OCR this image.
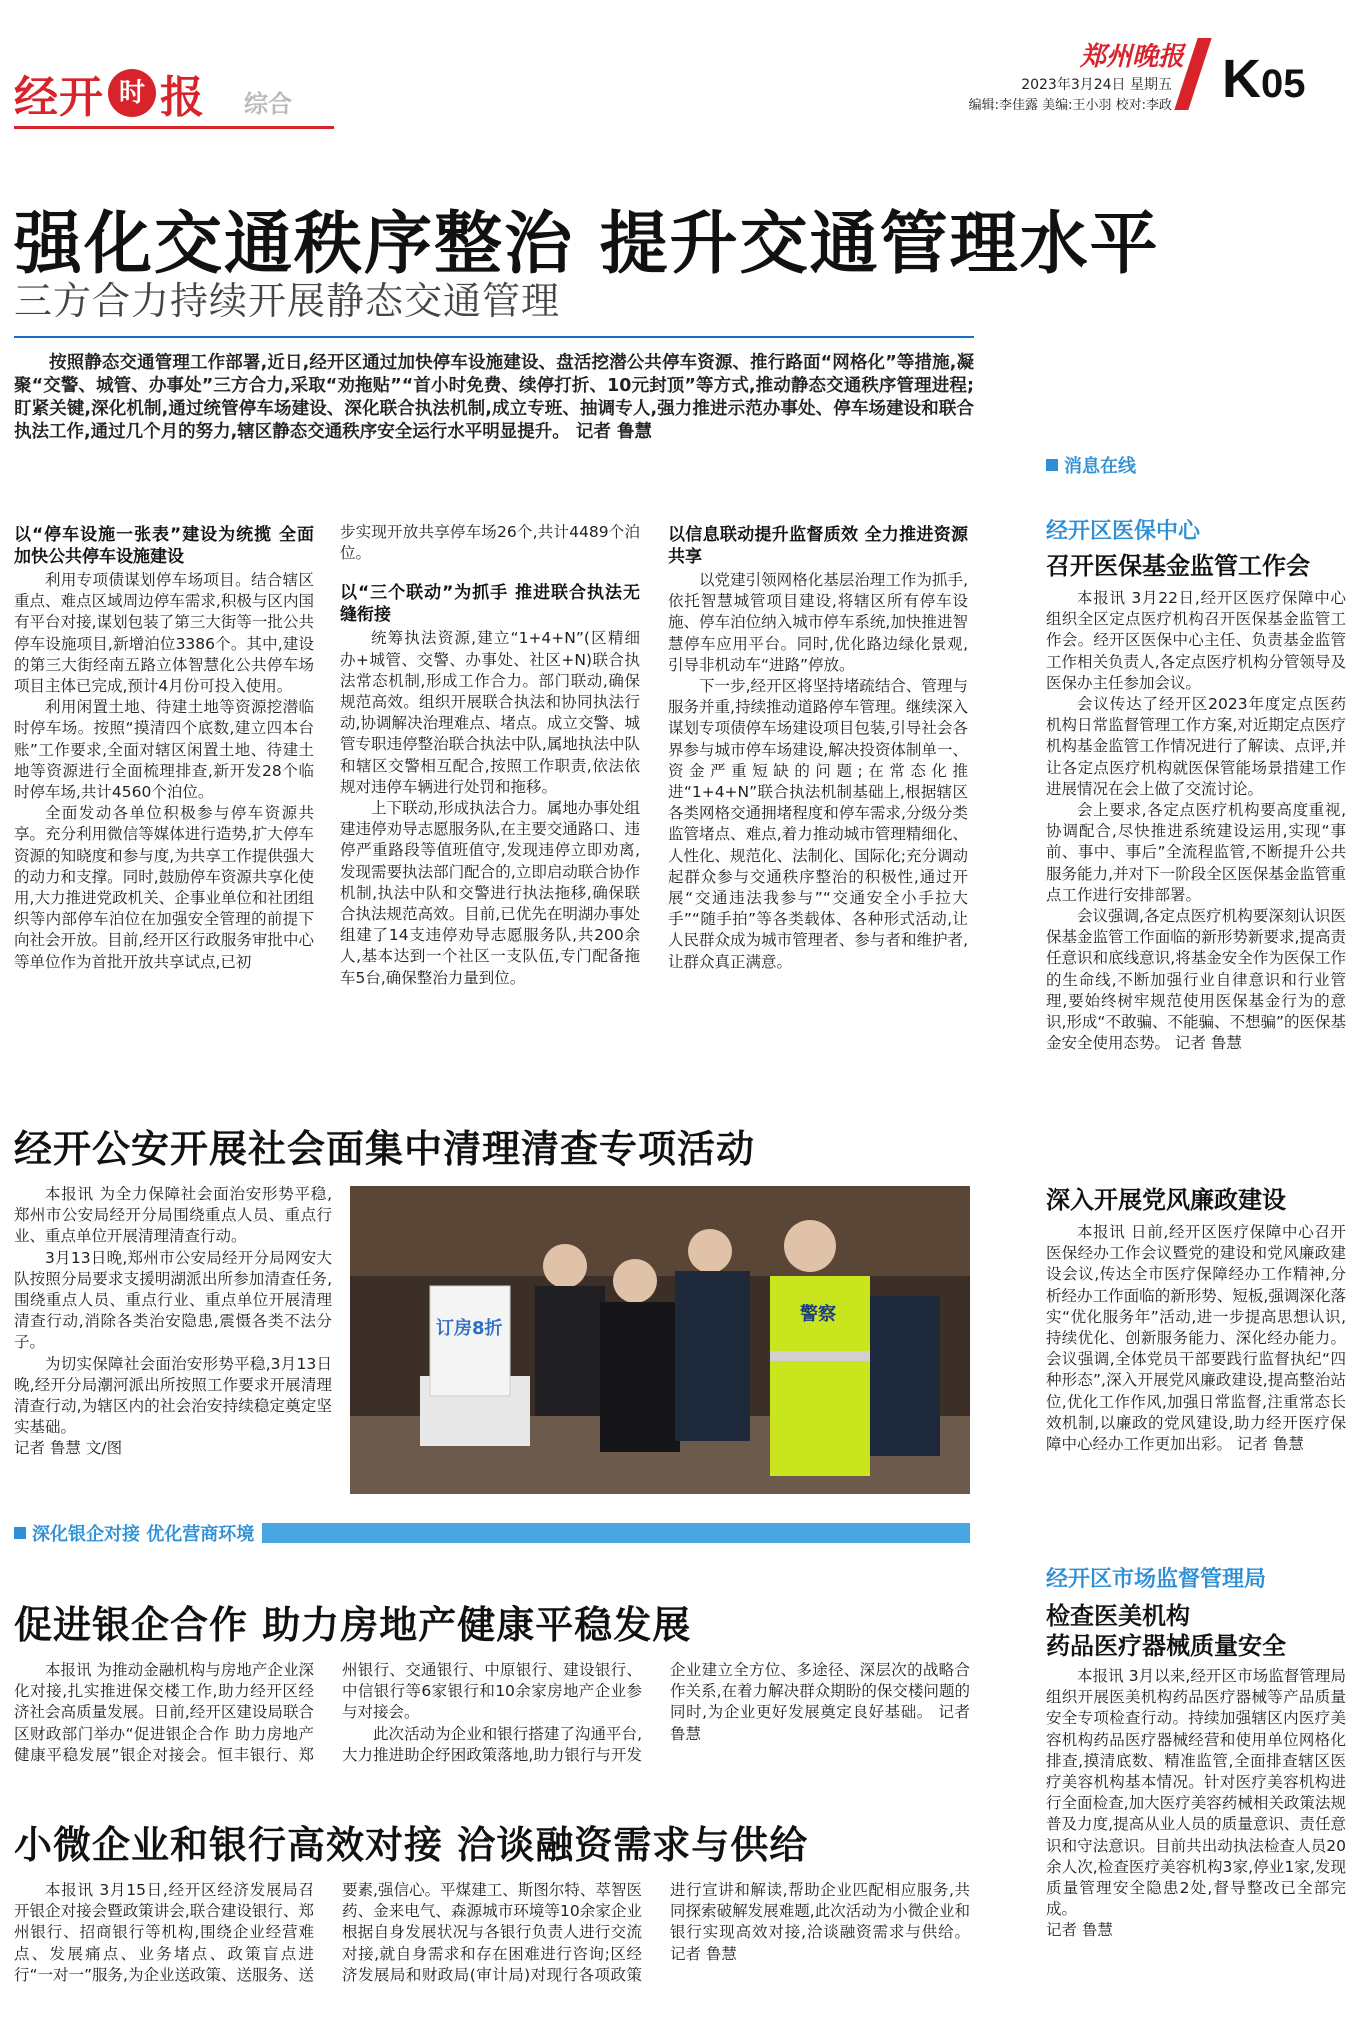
经开 时 报 综合
郑州晚报
2023年3月24日 星期五
编辑:李佳露 美编:王小羽 校对:李政 K05
强化交通秩序整治 提升交通管理水平
三方合力持续开展静态交通管理
按照静态交通管理工作部署,近日,经开区通过加快停车设施建设、盘活挖潜公共停车资源、推行路面“网格化”等措施,凝聚“交警、城管、办事处”三方合力,采取“劝拖贴”“首小时免费、续停打折、10元封顶”等方式,推动静态交通秩序管理进程;盯紧关键,深化机制,通过统管停车场建设、深化联合执法机制,成立专班、抽调专人,强力推进示范办事处、停车场建设和联合执法工作,通过几个月的努力,辖区静态交通秩序安全运行水平明显提升。 记者 鲁慧
以“停车设施一张表”建设为统揽 全面加快公共停车设施建设

利用专项债谋划停车场项目。结合辖区重点、难点区域周边停车需求,积极与区内国有平台对接,谋划包装了第三大街等一批公共停车设施项目,新增泊位3386个。其中,建设的第三大街经南五路立体智慧化公共停车场项目主体已完成,预计4月份可投入使用。

利用闲置土地、待建土地等资源挖潜临时停车场。按照“摸清四个底数,建立四本台账”工作要求,全面对辖区闲置土地、待建土地等资源进行全面梳理排查,新开发28个临时停车场,共计4560个泊位。

全面发动各单位积极参与停车资源共享。充分利用微信等媒体进行造势,扩大停车资源的知晓度和参与度,为共享工作提供强大的动力和支撑。同时,鼓励停车资源共享化使用,大力推进党政机关、企事业单位和社团组织等内部停车泊位在加强安全管理的前提下向社会开放。目前,经开区行政服务审批中心等单位作为首批开放共享试点,已初

步实现开放共享停车场26个,共计4489个泊位。

以“三个联动”为抓手 推进联合执法无缝衔接

统筹执法资源,建立“1+4+N”(区精细办+城管、交警、办事处、社区+N)联合执法常态机制,形成工作合力。部门联动,确保规范高效。组织开展联合执法和协同执法行动,协调解决治理难点、堵点。成立交警、城管专职违停整治联合执法中队,属地执法中队和辖区交警相互配合,按照工作职责,依法依规对违停车辆进行处罚和拖移。

上下联动,形成执法合力。属地办事处组建违停劝导志愿服务队,在主要交通路口、违停严重路段等值班值守,发现违停立即劝离,发现需要执法部门配合的,立即启动联合协作机制,执法中队和交警进行执法拖移,确保联合执法规范高效。目前,已优先在明湖办事处组建了14支违停劝导志愿服务队,共200余人,基本达到一个社区一支队伍,专门配备拖车5台,确保整治力量到位。

以信息联动提升监督质效 全力推进资源共享

以党建引领网格化基层治理工作为抓手,依托智慧城管项目建设,将辖区所有停车设施、停车泊位纳入城市停车系统,加快推进智慧停车应用平台。同时,优化路边绿化景观,引导非机动车“进路”停放。

下一步,经开区将坚持堵疏结合、管理与服务并重,持续推动道路停车管理。继续深入谋划专项债停车场建设项目包装,引导社会各界参与城市停车场建设,解决投资体制单一、资金严重短缺的问题;在常态化推进“1+4+N”联合执法机制基础上,根据辖区各类网格交通拥堵程度和停车需求,分级分类监管堵点、难点,着力推动城市管理精细化、人性化、规范化、法制化、国际化;充分调动起群众参与交通秩序整治的积极性,通过开展“交通违法我参与”“交通安全小手拉大手”“随手拍”等各类载体、各种形式活动,让人民群众成为城市管理者、参与者和维护者,让群众真正满意。

经开公安开展社会面集中清理清查专项活动

本报讯 为全力保障社会面治安形势平稳,郑州市公安局经开分局围绕重点人员、重点行业、重点单位开展清理清查行动。

3月13日晚,郑州市公安局经开分局网安大队按照分局要求支援明湖派出所参加清查任务,围绕重点人员、重点行业、重点单位开展清理清查行动,消除各类治安隐患,震慑各类不法分子。

为切实保障社会面治安形势平稳,3月13日晚,经开分局潮河派出所按照工作要求开展清理清查行动,为辖区内的社会治安持续稳定奠定坚实基础。

记者 鲁慧 文/图
订房8折
警察
深化银企对接 优化营商环境
促进银企合作 助力房地产健康平稳发展

本报讯 为推动金融机构与房地产企业深化对接,扎实推进保交楼工作,助力经开区经济社会高质量发展。日前,经开区建设局联合区财政部门举办“促进银企合作 助力房地产健康平稳发展”银企对接会。恒丰银行、郑州银行、交通银行、中原银行、建设银行、中信银行等6家银行和10余家房地产企业参与对接会。

此次活动为企业和银行搭建了沟通平台,大力推进助企纾困政策落地,助力银行与开发企业建立全方位、多途径、深层次的战略合作关系,在着力解决群众期盼的保交楼问题的同时,为企业更好发展奠定良好基础。 记者 鲁慧

小微企业和银行高效对接 洽谈融资需求与供给

本报讯 3月15日,经开区经济发展局召开银企对接会暨政策讲会,联合建设银行、郑州银行、招商银行等机构,围绕企业经营难点、发展痛点、业务堵点、政策盲点进行“一对一”服务,为企业送政策、送服务、送要素,强信心。平煤建工、斯图尔特、萃智医药、金来电气、森源城市环境等10余家企业根据自身发展状况与各银行负责人进行交流对接,就自身需求和存在困难进行咨询;区经济发展局和财政局(审计局)对现行各项政策进行宣讲和解读,帮助企业匹配相应服务,共同探索破解发展难题,此次活动为小微企业和银行实现高效对接,洽谈融资需求与供给。 记者 鲁慧

消息在线
经开区医保中心
召开医保基金监管工作会

本报讯 3月22日,经开区医疗保障中心组织全区定点医疗机构召开医保基金监管工作会。经开区医保中心主任、负责基金监管工作相关负责人,各定点医疗机构分管领导及医保办主任参加会议。

会议传达了经开区2023年度定点医药机构日常监督管理工作方案,对近期定点医疗机构基金监管工作情况进行了解读、点评,并让各定点医疗机构就医保管能场景措建工作进展情况在会上做了交流讨论。

会上要求,各定点医疗机构要高度重视,协调配合,尽快推进系统建设运用,实现“事前、事中、事后”全流程监管,不断提升公共服务能力,并对下一阶段全区医保基金监管重点工作进行安排部署。

会议强调,各定点医疗机构要深刻认识医保基金监管工作面临的新形势新要求,提高责任意识和底线意识,将基金安全作为医保工作的生命线,不断加强行业自律意识和行业管理,要始终树牢规范使用医保基金行为的意识,形成“不敢骗、不能骗、不想骗”的医保基金安全使用态势。 记者 鲁慧

深入开展党风廉政建设

本报讯 日前,经开区医疗保障中心召开医保经办工作会议暨党的建设和党风廉政建设会议,传达全市医疗保障经办工作精神,分析经办工作面临的新形势、短板,强调深化落实“优化服务年”活动,进一步提高思想认识,持续优化、创新服务能力、深化经办能力。会议强调,全体党员干部要践行监督执纪“四种形态”,深入开展党风廉政建设,提高整治站位,优化工作作风,加强日常监督,注重常态长效机制,以廉政的党风建设,助力经开医疗保障中心经办工作更加出彩。 记者 鲁慧

经开区市场监督管理局
检查医美机构
药品医疗器械质量安全

本报讯 3月以来,经开区市场监督管理局组织开展医美机构药品医疗器械等产品质量安全专项检查行动。持续加强辖区内医疗美容机构药品医疗器械经营和使用单位网格化排查,摸清底数、精准监管,全面排查辖区医疗美容机构基本情况。针对医疗美容机构进行全面检查,加大医疗美容药械相关政策法规普及力度,提高从业人员的质量意识、责任意识和守法意识。目前共出动执法检查人员20余人次,检查医疗美容机构3家,停业1家,发现质量管理安全隐患2处,督导整改已全部完成。

记者 鲁慧
